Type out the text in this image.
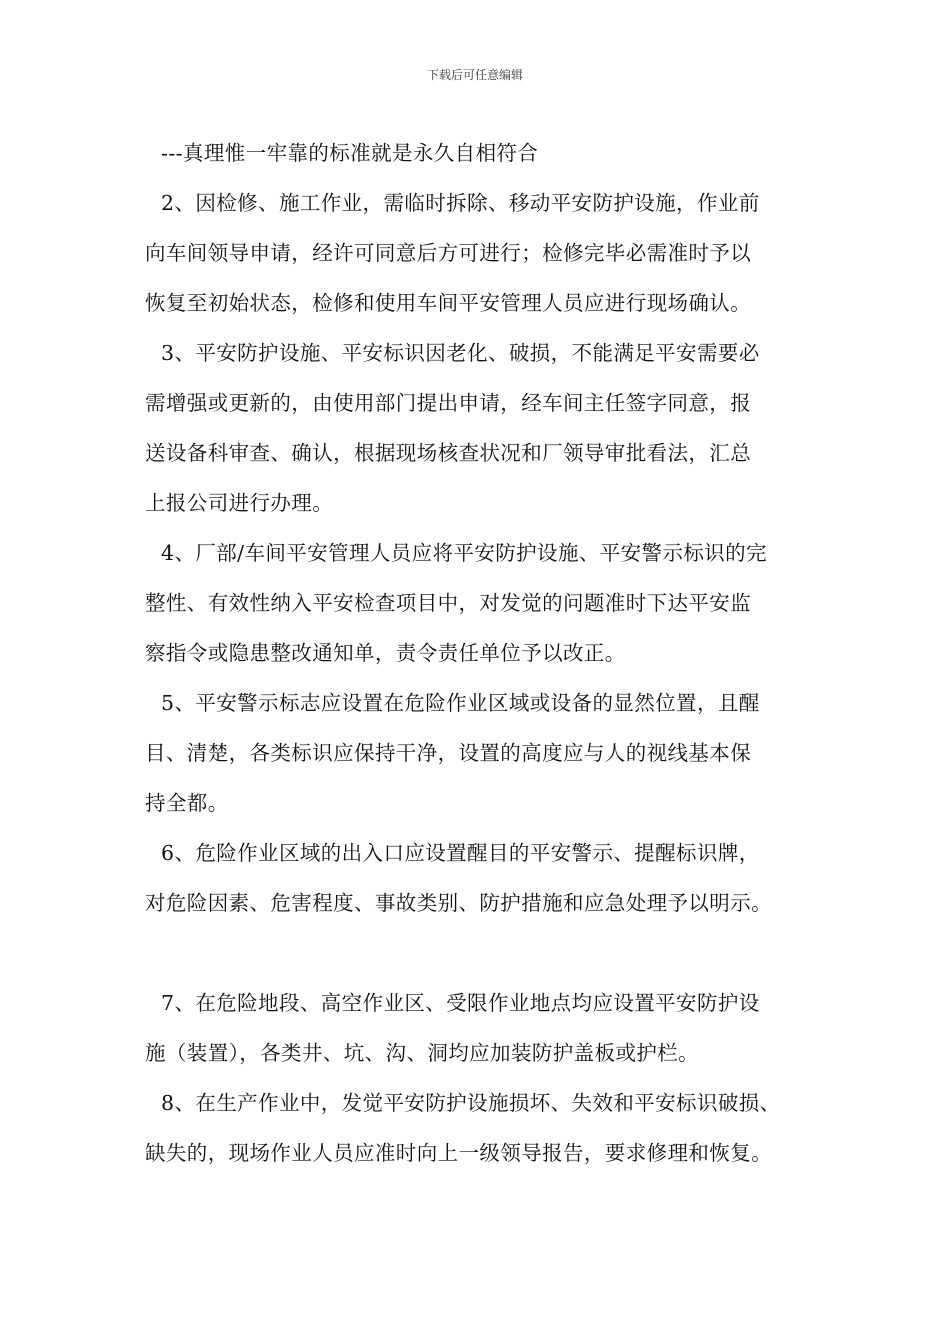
下载后可任意编辑
---真理惟一牢靠的标准就是永久自相符合
2、因检修、施工作业，需临时拆除、移动平安防护设施，作业前
向车间领导申请，经许可同意后方可进行；检修完毕必需准时予以
恢复至初始状态，检修和使用车间平安管理人员应进行现场确认。
3、平安防护设施、平安标识因老化、破损，不能满足平安需要必
需增强或更新的，由使用部门提出申请，经车间主任签字同意，报
送设备科审查、确认，根据现场核查状况和厂领导审批看法，汇总
上报公司进行办理。
4、厂部/车间平安管理人员应将平安防护设施、平安警示标识的完
整性、有效性纳入平安检查项目中，对发觉的问题准时下达平安监
察指令或隐患整改通知单，责令责任单位予以改正。
5、平安警示标志应设置在危险作业区域或设备的显然位置，且醒
目、清楚，各类标识应保持干净，设置的高度应与人的视线基本保
持全都。
6、危险作业区域的出入口应设置醒目的平安警示、提醒标识牌，
对危险因素、危害程度、事故类别、防护措施和应急处理予以明示。
7、在危险地段、高空作业区、受限作业地点均应设置平安防护设
施（装置），各类井、坑、沟、洞均应加装防护盖板或护栏。
8、在生产作业中，发觉平安防护设施损坏、失效和平安标识破损、
缺失的，现场作业人员应准时向上一级领导报告，要求修理和恢复。
